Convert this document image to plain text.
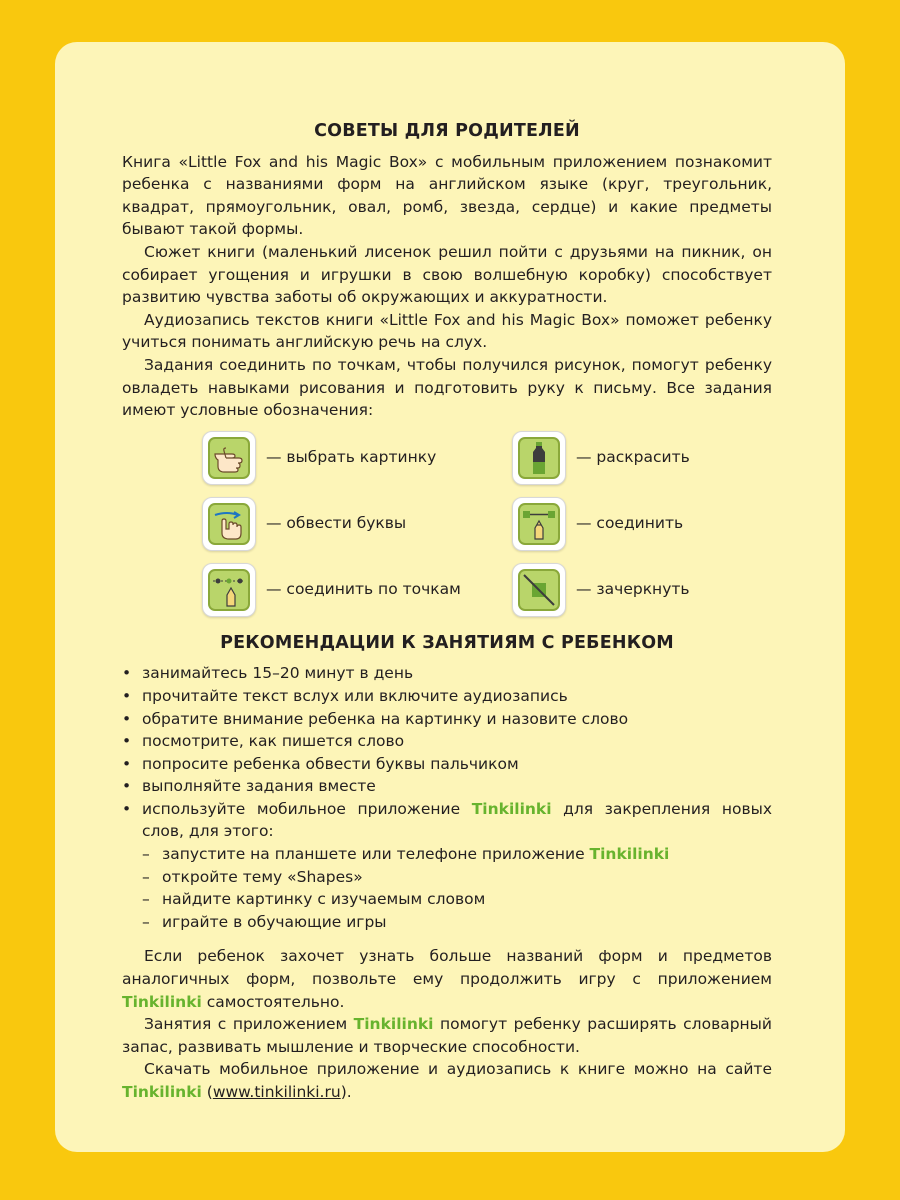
СОВЕТЫ ДЛЯ РОДИТЕЛЕЙ

Книга «Little Fox and his Magic Box» с мобильным приложением познакомит ребенка с названиями форм на английском языке (круг, треугольник, квадрат, прямоугольник, овал, ромб, звезда, сердце) и какие предметы бывают такой формы.

Сюжет книги (маленький лисенок решил пойти с друзьями на пикник, он собирает угощения и игрушки в свою волшебную коробку) способствует развитию чувства заботы об окружающих и аккуратности.

Аудиозапись текстов книги «Little Fox and his Magic Box» поможет ребенку учиться понимать английскую речь на слух.

Задания соединить по точкам, чтобы получился рисунок, помогут ребенку овладеть навыками рисования и подготовить руку к письму. Все задания имеют условные обозначения:

— выбрать картинку	— раскрасить
— обвести буквы	— соединить
— соединить по точкам	— зачеркнуть
РЕКОМЕНДАЦИИ К ЗАНЯТИЯМ С РЕБЕНКОМ
• занимайтесь 15–20 минут в день
• прочитайте текст вслух или включите аудиозапись
• обратите внимание ребенка на картинку и назовите слово
• посмотрите, как пишется слово
• попросите ребенка обвести буквы пальчиком
• выполняйте задания вместе
• используйте мобильное приложение Tinkilinki для закрепления новых слов, для этого:
– запустите на планшете или телефоне приложение Tinkilinki
– откройте тему «Shapes»
– найдите картинку с изучаемым словом
– играйте в обучающие игры

Если ребенок захочет узнать больше названий форм и предметов аналогичных форм, позвольте ему продолжить игру с приложением Tinkilinki самостоятельно.

Занятия с приложением Tinkilinki помогут ребенку расширять словарный запас, развивать мышление и творческие способности.

Скачать мобильное приложение и аудиозапись к книге можно на сайте Tinkilinki (www.tinkilinki.ru).
